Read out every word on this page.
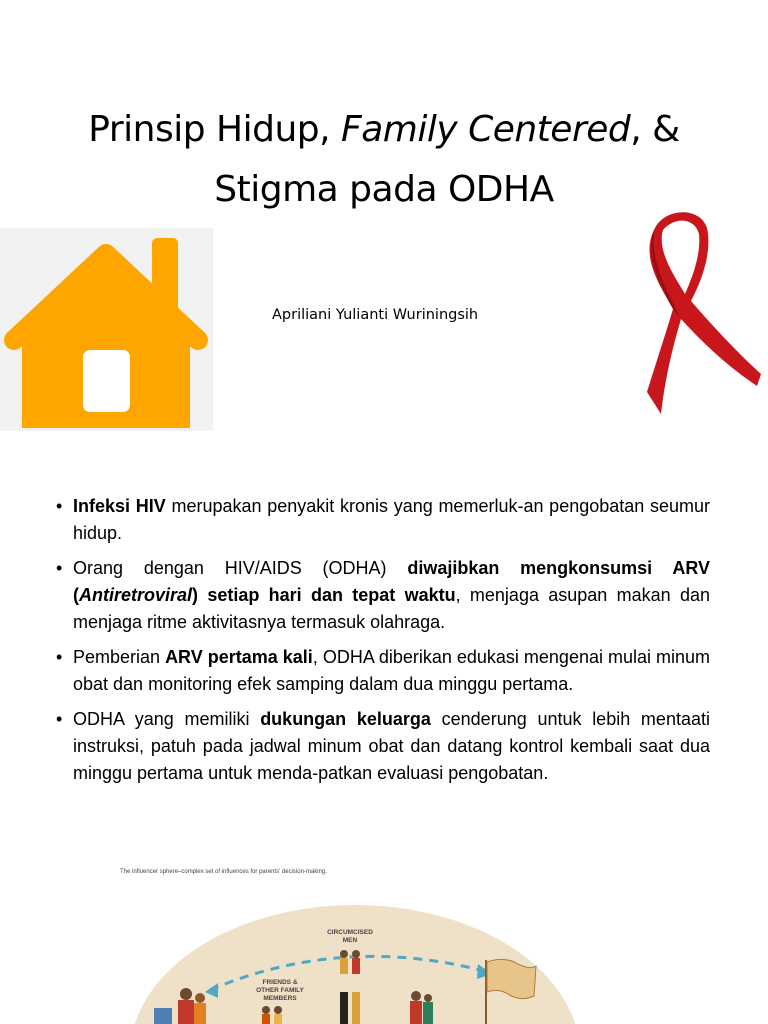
Prinsip Hidup, Family Centered, &
Stigma pada ODHA
Apriliani Yulianti Wuriningsih
• Infeksi HIV merupakan penyakit kronis yang memerluk-an pengobatan seumur hidup.
• Orang dengan HIV/AIDS (ODHA) diwajibkan mengkonsumsi ARV (Antiretroviral) setiap hari dan tepat waktu, menjaga asupan makan dan menjaga ritme aktivitasnya termasuk olahraga.
• Pemberian ARV pertama kali, ODHA diberikan edukasi mengenai mulai minum obat dan monitoring efek samping dalam dua minggu pertama.
• ODHA yang memiliki dukungan keluarga cenderung untuk lebih mentaati instruksi, patuh pada jadwal minum obat dan datang kontrol kembali saat dua minggu pertama untuk menda-patkan evaluasi pengobatan.
The influencer sphere–complex set of influences for parents' decision-making.
CIRCUMCISED
MEN
FRIENDS &
OTHER FAMILY
MEMBERS
